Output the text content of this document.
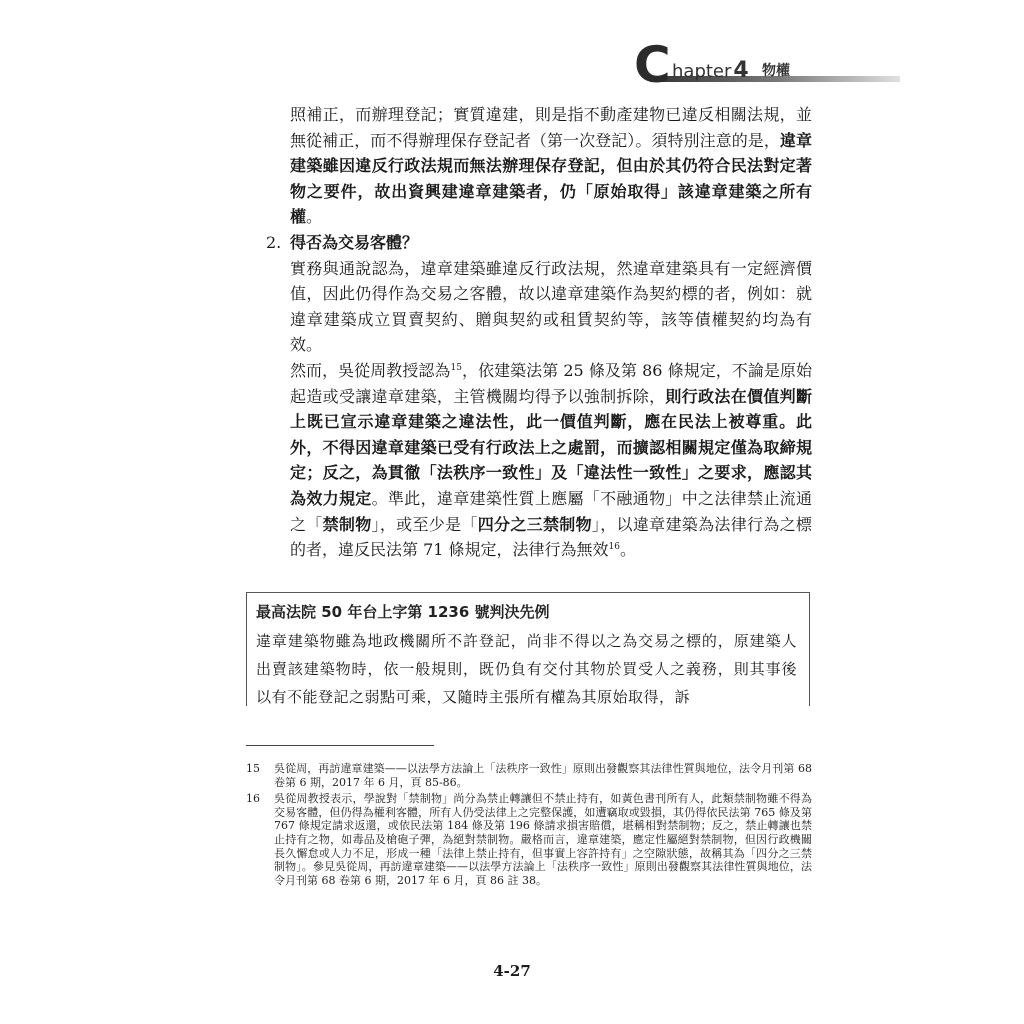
C hapter4 物權

照補正，而辦理登記；實質違建，則是指不動產建物已違反相關法規，並無從補正，而不得辦理保存登記者（第一次登記）。須特別注意的是，違章建築雖因違反行政法規而無法辦理保存登記，但由於其仍符合民法對定著物之要件，故出資興建違章建築者，仍「原始取得」該違章建築之所有權。

2. 得否為交易客體？

實務與通說認為，違章建築雖違反行政法規，然違章建築具有一定經濟價值，因此仍得作為交易之客體，故以違章建築作為契約標的者，例如：就違章建築成立買賣契約、贈與契約或租賃契約等，該等債權契約均為有效。

然而，吳從周教授認為$^{15}$，依建築法第 25 條及第 86 條規定，不論是原始起造或受讓違章建築，主管機關均得予以強制拆除，則行政法在價值判斷上既已宣示違章建築之違法性，此一價值判斷，應在民法上被尊重。此外，不得因違章建築已受有行政法上之處罰，而擴認相關規定僅為取締規定；反之，為貫徹「法秩序一致性」及「違法性一致性」之要求，應認其為效力規定。準此，違章建築性質上應屬「不融通物」中之法律禁止流通之「禁制物」，或至少是「四分之三禁制物」，以違章建築為法律行為之標的者，違反民法第 71 條規定，法律行為無效$^{16}$。

最高法院 50 年台上字第 1236 號判決先例

違章建築物雖為地政機關所不許登記，尚非不得以之為交易之標的，原建築人出賣該建築物時，依一般規則，既仍負有交付其物於買受人之義務，則其事後以有不能登記之弱點可乘，又隨時主張所有權為其原始取得，訴

15 吳從周，再訪違章建築——以法學方法論上「法秩序一致性」原則出發觀察其法律性質與地位，法令月刊第 68 卷第 6 期，2017 年 6 月，頁 85-86。

16 吳從周教授表示，學說對「禁制物」尚分為禁止轉讓但不禁止持有，如黃色書刊所有人，此類禁制物雖不得為交易客體，但仍得為權利客體，所有人仍受法律上之完整保護，如遭竊取或毀損，其仍得依民法第 765 條及第 767 條規定請求返還，或依民法第 184 條及第 196 條請求損害賠償，堪稱相對禁制物；反之，禁止轉讓也禁止持有之物，如毒品及槍砲子彈，為絕對禁制物。嚴格而言，違章建築，應定性屬絕對禁制物，但因行政機關長久懈怠或人力不足，形成一種「法律上禁止持有，但事實上容許持有」之空隙狀態，故稱其為「四分之三禁制物」。參見吳從周，再訪違章建築——以法學方法論上「法秩序一致性」原則出發觀察其法律性質與地位，法令月刊第 68 卷第 6 期，2017 年 6 月，頁 86 註 38。

4-27
